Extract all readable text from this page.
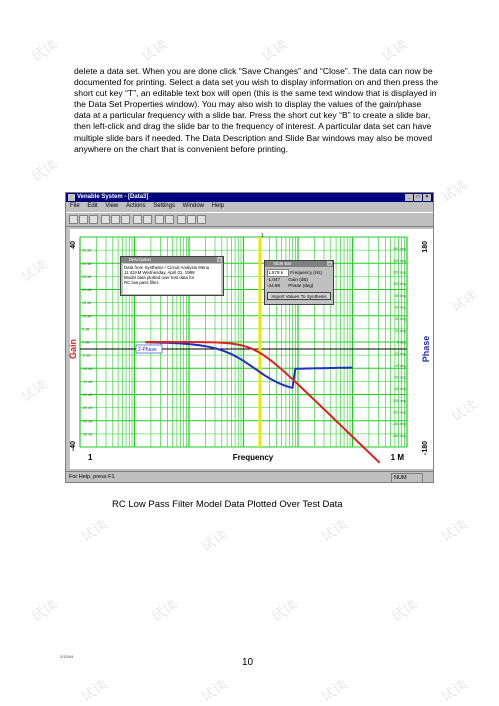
试读	试读	试读	试读
试读
试读
试读
试读
试读
试读
试读	试读	试读	试读
试读	试读	试读	试读
试读	试读	试读	试读
delete a data set. When you are done click “Save Changes” and “Close”. The data can now be documented for printing. Select a data set you wish to display information on and then press the short cut key “T”, an editable text box will open (this is the same text window that is displayed in the Data Set Properties window). You may also wish to display the values of the gain/phase data at a particular frequency with a slide bar. Press the short cut key “B” to create a slide bar, then left-click and drag the slide bar to the frequency of interest. A particular data set can have multiple slide bars if needed. The Data Description and Slide Bar windows may also be moved anywhere on the chart that is convenient before printing.
Venable System - [Data3]	_ □ ×
File Edit View Actions Settings Window Help
35 dB
30 dB
25 dB
20 dB
15 dB
10 dB
5 dB
0 dB
-5 dB
-10 dB
-15 dB
-20 dB
-25 dB
-30 dB
-35 dB
160 deg
140 deg
120 deg
100 deg
80 deg
60 deg
40 deg
20 deg
0 deg
-20 deg
-40 deg
-60 deg
-80 deg
-100 deg
-120 deg
-140 deg
-160 deg
1
2-Phase
40
-40
Gain
180
-180
Phase
1	Frequency	1 M
Description	×
Data from Synthesis / Circuit Analysis Menu
11:42AM Wednesday, April 01, 1998
Model data plotted over test data for
RC low pass filter.
Slide Bar	×
1.578 k Frequency (Hz)
-1.047 Gain (dB)
-44.88 Phase (deg)
Import Values To Synthesis
For Help, press F1	NUM
RC Low Pass Filter Model Data Plotted Over Test Data
2/13/04
10
